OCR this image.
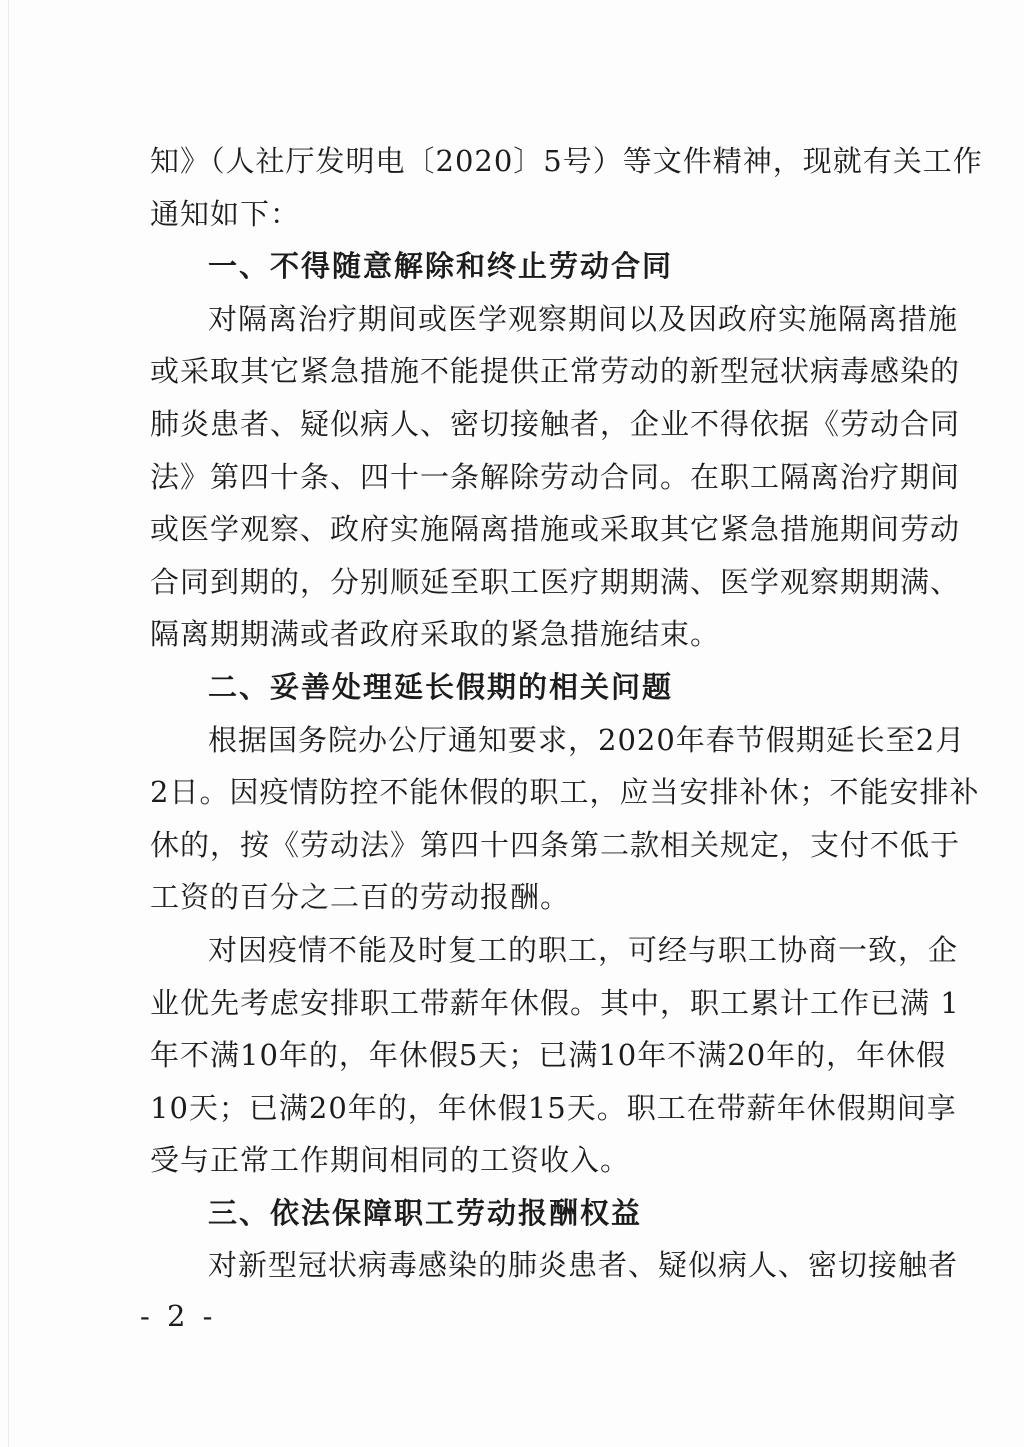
知》（人社厅发明电〔2020〕5号）等文件精神，现就有关工作
通知如下：
一、不得随意解除和终止劳动合同
对隔离治疗期间或医学观察期间以及因政府实施隔离措施
或采取其它紧急措施不能提供正常劳动的新型冠状病毒感染的
肺炎患者、疑似病人、密切接触者，企业不得依据《劳动合同
法》第四十条、四十一条解除劳动合同。在职工隔离治疗期间
或医学观察、政府实施隔离措施或采取其它紧急措施期间劳动
合同到期的，分别顺延至职工医疗期期满、医学观察期期满、
隔离期期满或者政府采取的紧急措施结束。
二、妥善处理延长假期的相关问题
根据国务院办公厅通知要求，2020年春节假期延长至2月
2日。因疫情防控不能休假的职工，应当安排补休；不能安排补
休的，按《劳动法》第四十四条第二款相关规定，支付不低于
工资的百分之二百的劳动报酬。
对因疫情不能及时复工的职工，可经与职工协商一致，企
业优先考虑安排职工带薪年休假。其中，职工累计工作已满 1
年不满10年的，年休假5天；已满10年不满20年的，年休假
10天；已满20年的，年休假15天。职工在带薪年休假期间享
受与正常工作期间相同的工资收入。
三、依法保障职工劳动报酬权益
对新型冠状病毒感染的肺炎患者、疑似病人、密切接触者
- 2 -
